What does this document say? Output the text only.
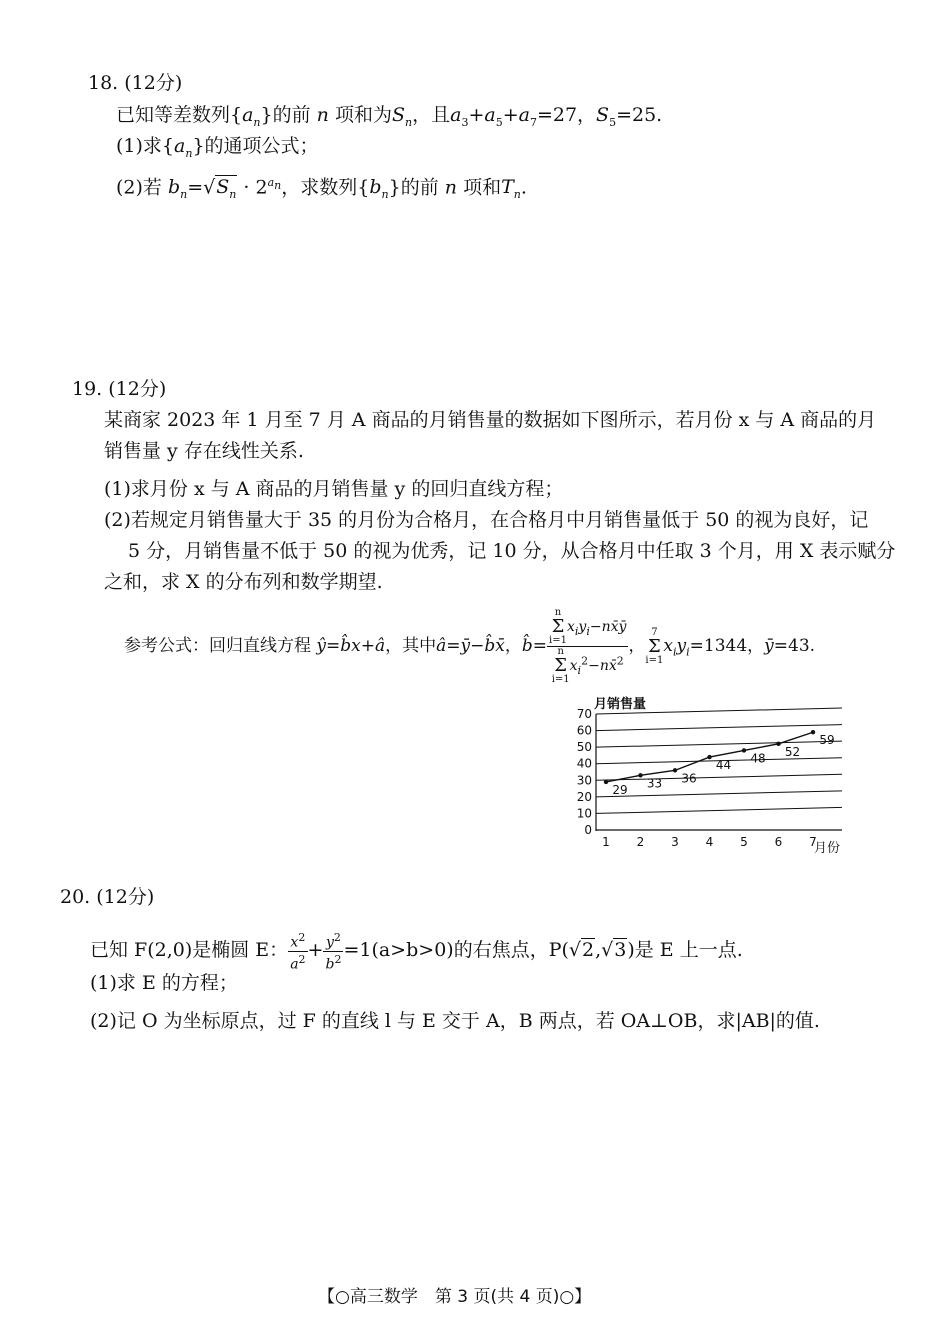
18. (12分)
已知等差数列$\{a_n\}$的前 n 项和为$S_n$，且$a_3+a_5+a_7=27$，$S_5=25$.
(1)求$\{a_n\}$的通项公式；
(2)若 $b_n=√S_n \cdot 2^{a_n}$，求数列$\{b_n\}$的前 n 项和$T_n$.
19. (12分)
某商家 2023 年 1 月至 7 月 A 商品的月销售量的数据如下图所示，若月份 x 与 A 商品的月
销售量 y 存在线性关系.
(1)求月份 x 与 A 商品的月销售量 y 的回归直线方程；
(2)若规定月销售量大于 35 的月份为合格月，在合格月中月销售量低于 50 的视为良好，记
5 分，月销售量不低于 50 的视为优秀，记 10 分，从合格月中任取 3 个月，用 X 表示赋分
之和，求 X 的分布列和数学期望.
参考公式：回归直线方程 ŷ=b̂x+â，其中â=ȳ−b̂x̄，b̂= n
Σ
$i=1x_iy_i-nx̄ȳ$
n
Σ
$i=1x_i^2-nx̄^2$ ，7
Σ
$i=1x_iy_i=1344$，ȳ=43.
月销售量
0
10
20
30
40
50
60
70
1 2 3 4 5 6 7
29 33 36
44 48 52
59
月份
20. (12分)
已知 F(2,0)是椭圆 E： $\frac{x^2}{a^2} + \frac{y^2}{b^2} =1(a>b>0)$的右焦点，P(√2,√3)是 E 上一点.
(1)求 E 的方程；
(2)记 O 为坐标原点，过 F 的直线 l 与 E 交于 A，B 两点，若 OA⊥OB，求|AB|的值.
【○高三数学　第 3 页(共 4 页)○】
